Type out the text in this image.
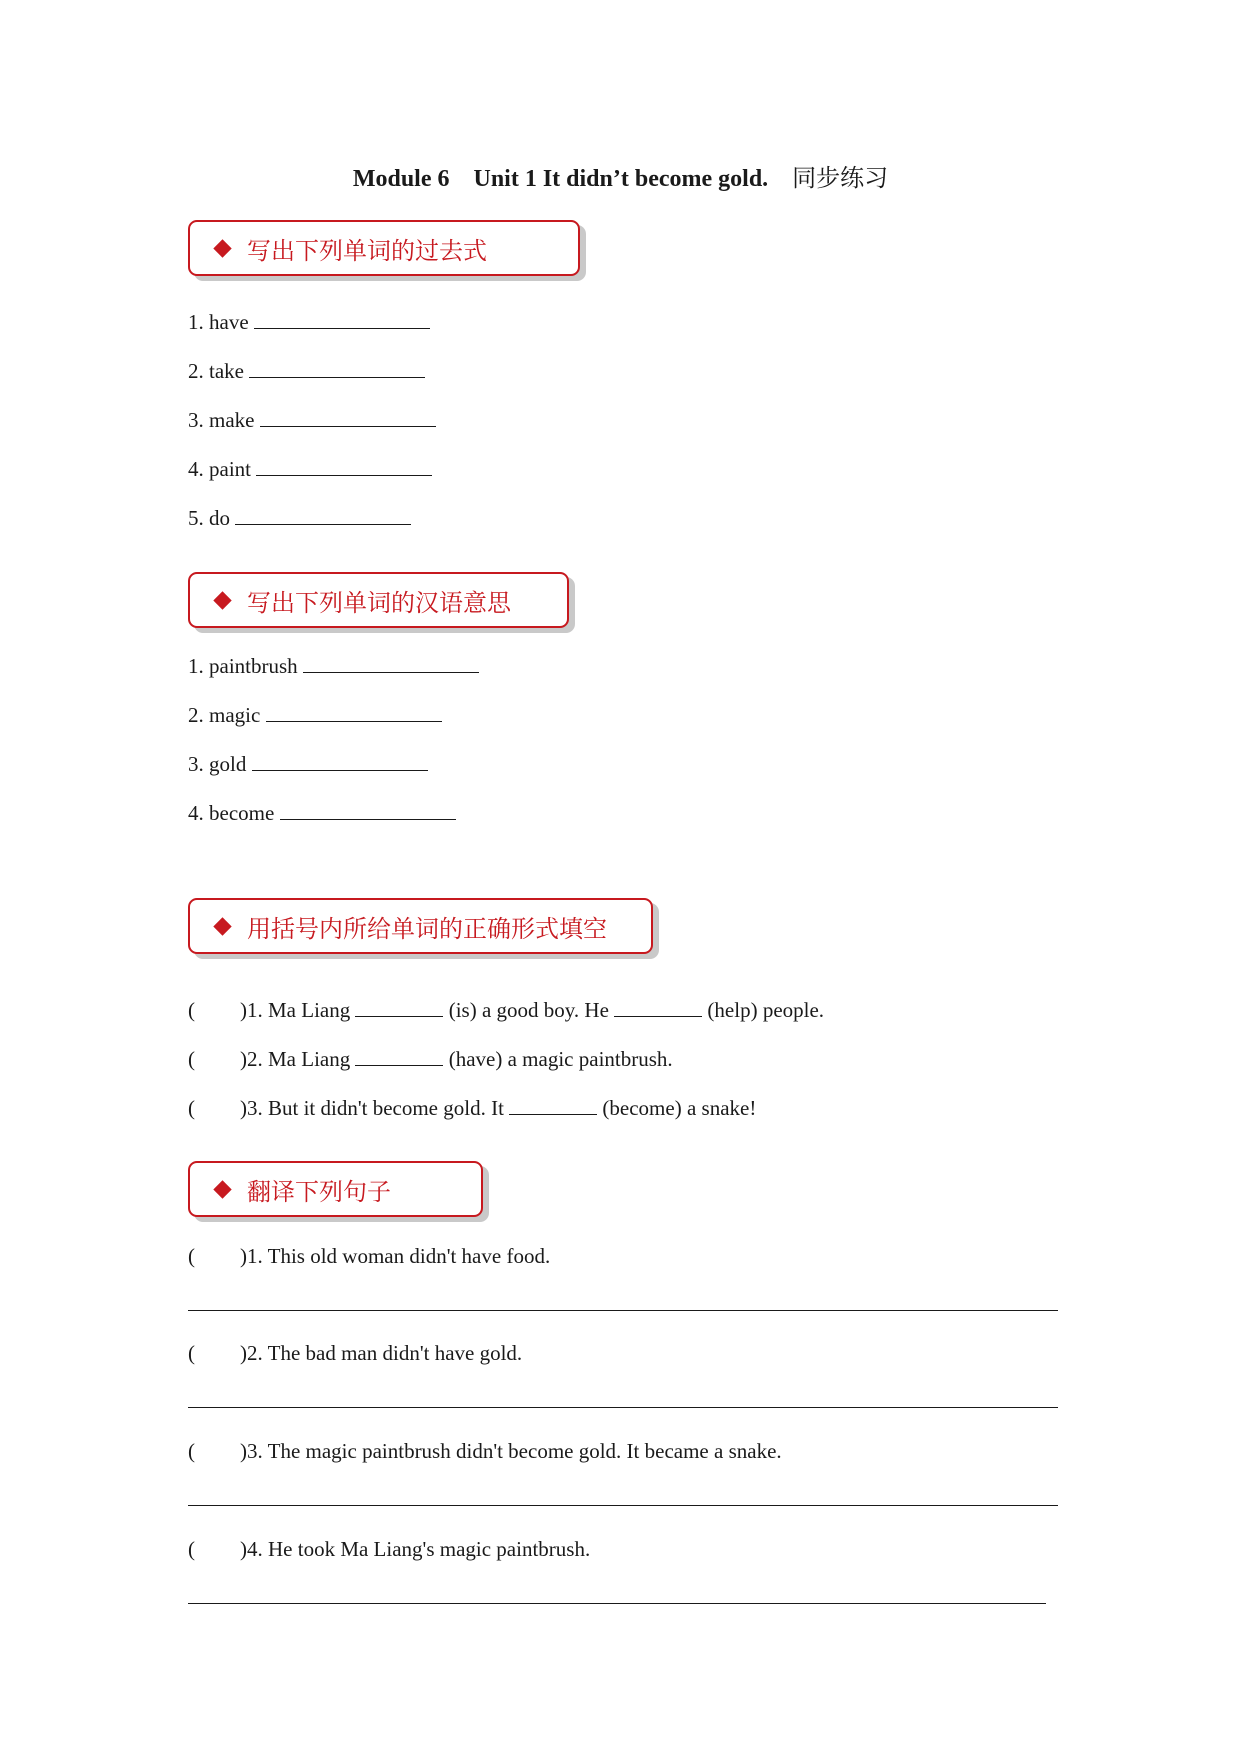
Module 6    Unit 1 It didn’t become gold.    同步练习
写出下列单词的过去式
1. have
2. take
3. make
4. paint
5. do
写出下列单词的汉语意思
1. paintbrush
2. magic
3. gold
4. become
用括号内所给单词的正确形式填空
( )1. Ma Liang	(is) a good boy. He	(help) people.
( )2. Ma Liang	(have) a magic paintbrush.
( )3. But it didn't become gold. It	(become) a snake!
翻译下列句子
( )1. This old woman didn't have food.
( )2. The bad man didn't have gold.
( )3. The magic paintbrush didn't become gold. It became a snake.
( )4. He took Ma Liang's magic paintbrush.
